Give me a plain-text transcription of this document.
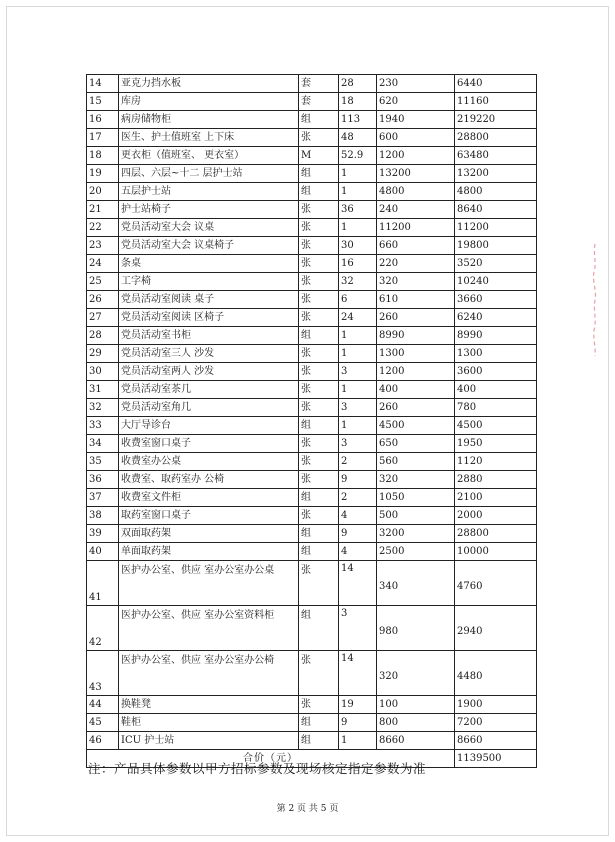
14	亚克力挡水板	套	28	230	6440
15	库房	套	18	620	11160
16	病房储物柜	组	113	1940	219220
17	医生、护士值班室 上下床	张	48	600	28800
18	更衣柜（值班室、 更衣室）	M	52.9	1200	63480
19	四层、六层~十二 层护士站	组	1	13200	13200
20	五层护士站	组	1	4800	4800
21	护士站椅子	张	36	240	8640
22	党员活动室大会 议桌	张	1	11200	11200
23	党员活动室大会 议桌椅子	张	30	660	19800
24	条桌	张	16	220	3520
25	工字椅	张	32	320	10240
26	党员活动室阅读 桌子	张	6	610	3660
27	党员活动室阅读 区椅子	张	24	260	6240
28	党员活动室书柜	组	1	8990	8990
29	党员活动室三人 沙发	张	1	1300	1300
30	党员活动室两人 沙发	张	3	1200	3600
31	党员活动室茶几	张	1	400	400
32	党员活动室角几	张	3	260	780
33	大厅导诊台	组	1	4500	4500
34	收费室窗口桌子	张	3	650	1950
35	收费室办公桌	张	2	560	1120
36	收费室、取药室办 公椅	张	9	320	2880
37	收费室文件柜	组	2	1050	2100
38	取药室窗口桌子	张	4	500	2000
39	双面取药架	组	9	3200	28800
40	单面取药架	组	4	2500	10000
41	医护办公室、供应 室办公室办公桌	张	14	340	4760
42	医护办公室、供应 室办公室资料柜	组	3	980	2940
43	医护办公室、供应 室办公室办公椅	张	14	320	4480
44	换鞋凳	张	19	100	1900
45	鞋柜	组	9	800	7200
46	ICU 护士站	组	1	8660	8660
合价（元）					1139500
注：产品具体参数以甲方招标参数及现场核定指定参数为准
第 2 页 共 5 页
